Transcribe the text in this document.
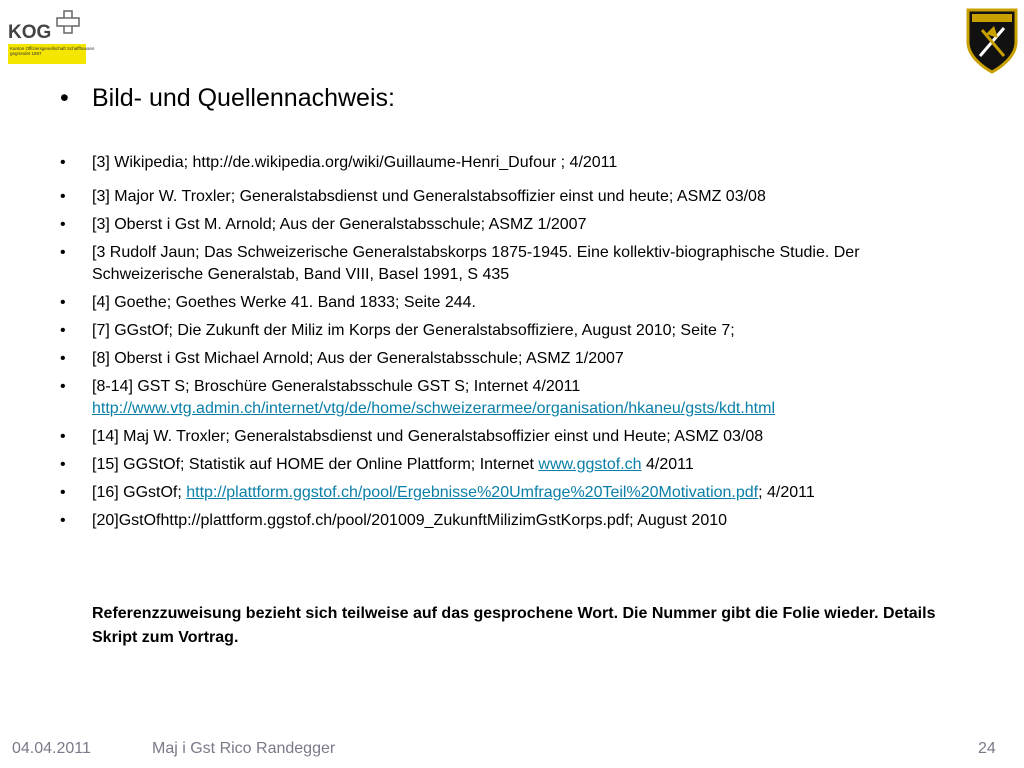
KOG
Kanton Offiziersgesellschaft Schaffhausen
gegründet 1887
• Bild- und Quellennachweis:
• [3] Wikipedia; http://de.wikipedia.org/wiki/Guillaume-Henri_Dufour ; 4/2011
• [3] Major W. Troxler; Generalstabsdienst und Generalstabsoffizier einst und heute; ASMZ 03/08
• [3] Oberst i Gst M. Arnold; Aus der Generalstabsschule; ASMZ 1/2007
• [3 Rudolf Jaun; Das Schweizerische Generalstabskorps 1875-1945. Eine kollektiv-biographische Studie. Der Schweizerische Generalstab, Band VIII, Basel 1991, S 435
• [4] Goethe; Goethes Werke 41. Band 1833; Seite 244.
• [7] GGstOf; Die Zukunft der Miliz im Korps der Generalstabsoffiziere, August 2010; Seite 7;
• [8] Oberst i Gst Michael Arnold; Aus der Generalstabsschule; ASMZ 1/2007
• [8-14] GST S; Broschüre Generalstabsschule GST S; Internet 4/2011 http://www.vtg.admin.ch/internet/vtg/de/home/schweizerarmee/organisation/hkaneu/gsts/kdt.html
• [14] Maj W. Troxler; Generalstabsdienst und Generalstabsoffizier einst und Heute; ASMZ 03/08
• [15] GGStOf; Statistik auf HOME der Online Plattform; Internet www.ggstof.ch 4/2011
• [16] GGstOf; http://plattform.ggstof.ch/pool/Ergebnisse%20Umfrage%20Teil%20Motivation.pdf; 4/2011
• [20]GstOfhttp://plattform.ggstof.ch/pool/201009_ZukunftMilizimGstKorps.pdf; August 2010
Referenzzuweisung bezieht sich teilweise auf das gesprochene Wort. Die Nummer gibt die Folie wieder. Details Skript zum Vortrag.
04.04.2011	Maj i Gst Rico Randegger	24
